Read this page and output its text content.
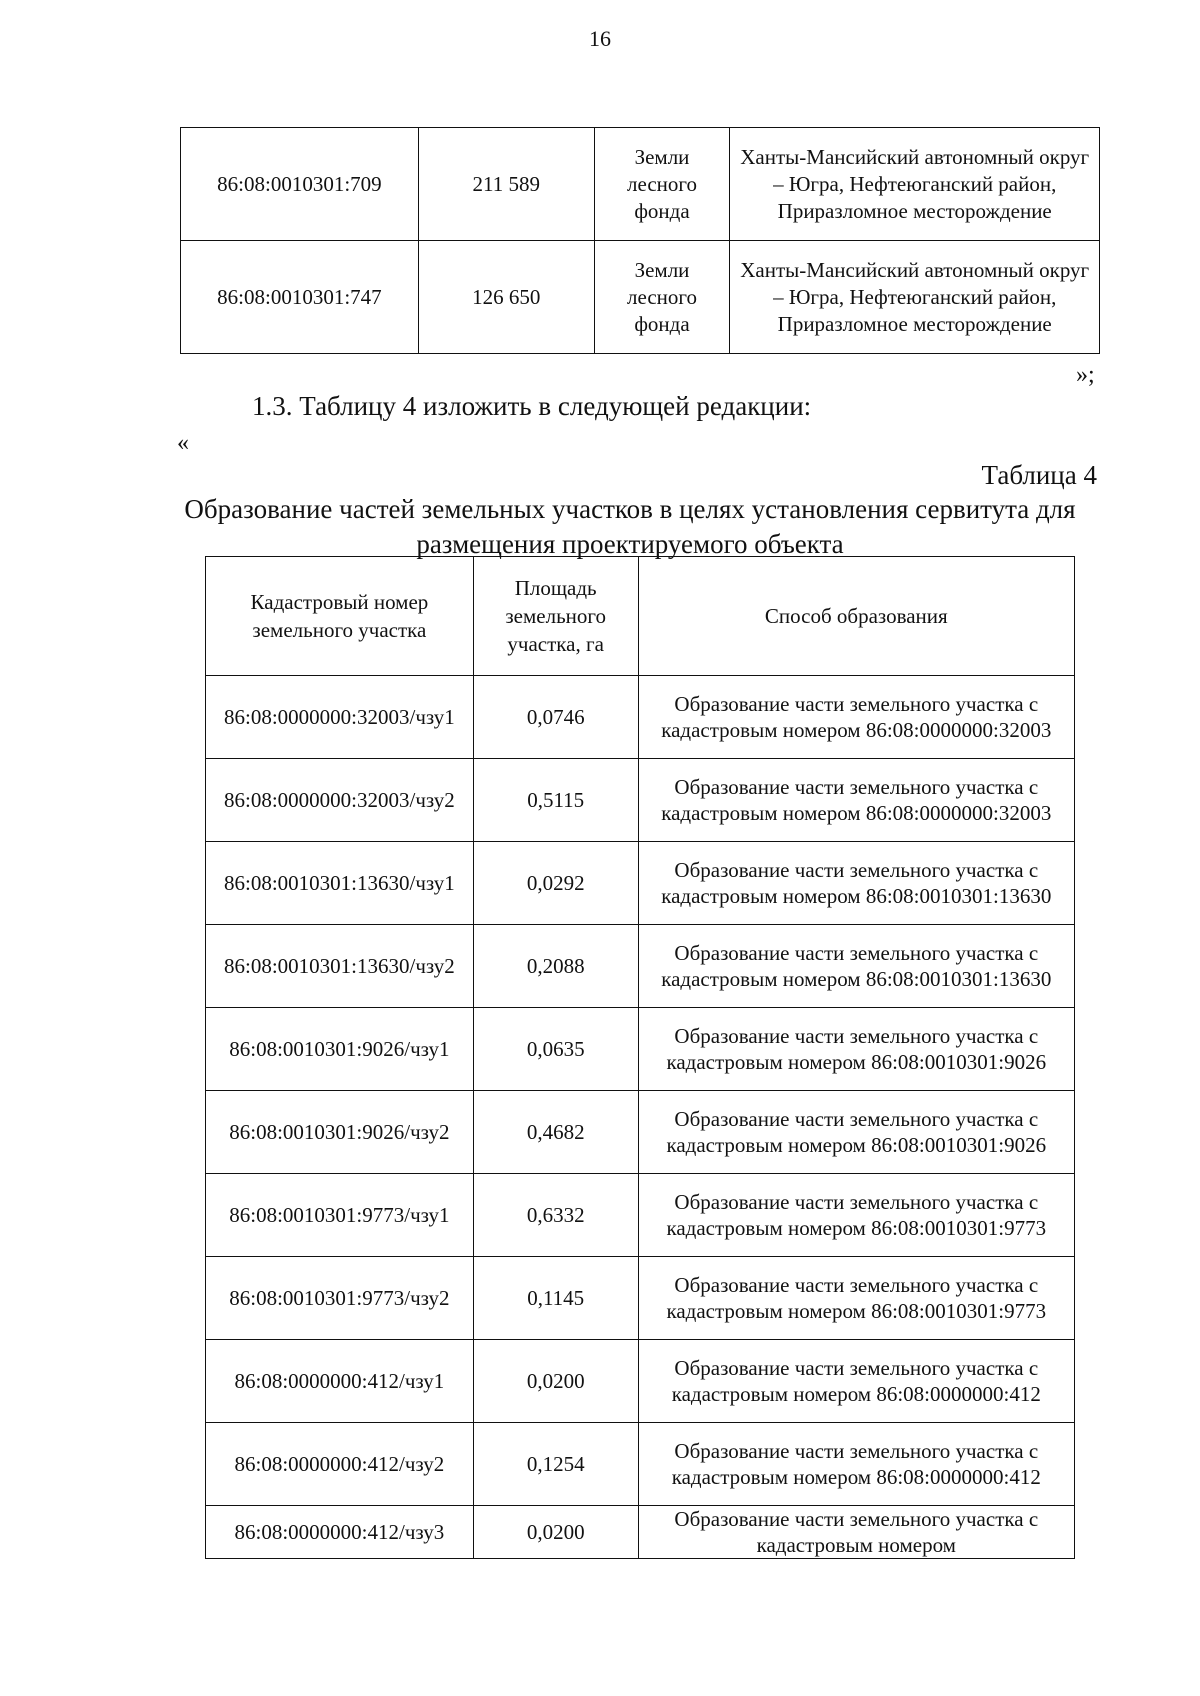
16
86:08:0010301:709	211 589	Земли лесного фонда	Ханты-Мансийский автономный округ – Югра, Нефтеюганский район, Приразломное месторождение
86:08:0010301:747	126 650	Земли лесного фонда	Ханты-Мансийский автономный округ – Югра, Нефтеюганский район, Приразломное месторождение
»;
1.3. Таблицу 4 изложить в следующей редакции:
«
Таблица 4
Образование частей земельных участков в целях установления сервитута для размещения проектируемого объекта
Кадастровый номер земельного участка	Площадь земельного участка, га	Способ образования
86:08:0000000:32003/чзу1	0,0746	Образование части земельного участка с кадастровым номером 86:08:0000000:32003
86:08:0000000:32003/чзу2	0,5115	Образование части земельного участка с кадастровым номером 86:08:0000000:32003
86:08:0010301:13630/чзу1	0,0292	Образование части земельного участка с кадастровым номером 86:08:0010301:13630
86:08:0010301:13630/чзу2	0,2088	Образование части земельного участка с кадастровым номером 86:08:0010301:13630
86:08:0010301:9026/чзу1	0,0635	Образование части земельного участка с кадастровым номером 86:08:0010301:9026
86:08:0010301:9026/чзу2	0,4682	Образование части земельного участка с кадастровым номером 86:08:0010301:9026
86:08:0010301:9773/чзу1	0,6332	Образование части земельного участка с кадастровым номером 86:08:0010301:9773
86:08:0010301:9773/чзу2	0,1145	Образование части земельного участка с кадастровым номером 86:08:0010301:9773
86:08:0000000:412/чзу1	0,0200	Образование части земельного участка с кадастровым номером 86:08:0000000:412
86:08:0000000:412/чзу2	0,1254	Образование части земельного участка с кадастровым номером 86:08:0000000:412
86:08:0000000:412/чзу3	0,0200	Образование части земельного участка с кадастровым номером
